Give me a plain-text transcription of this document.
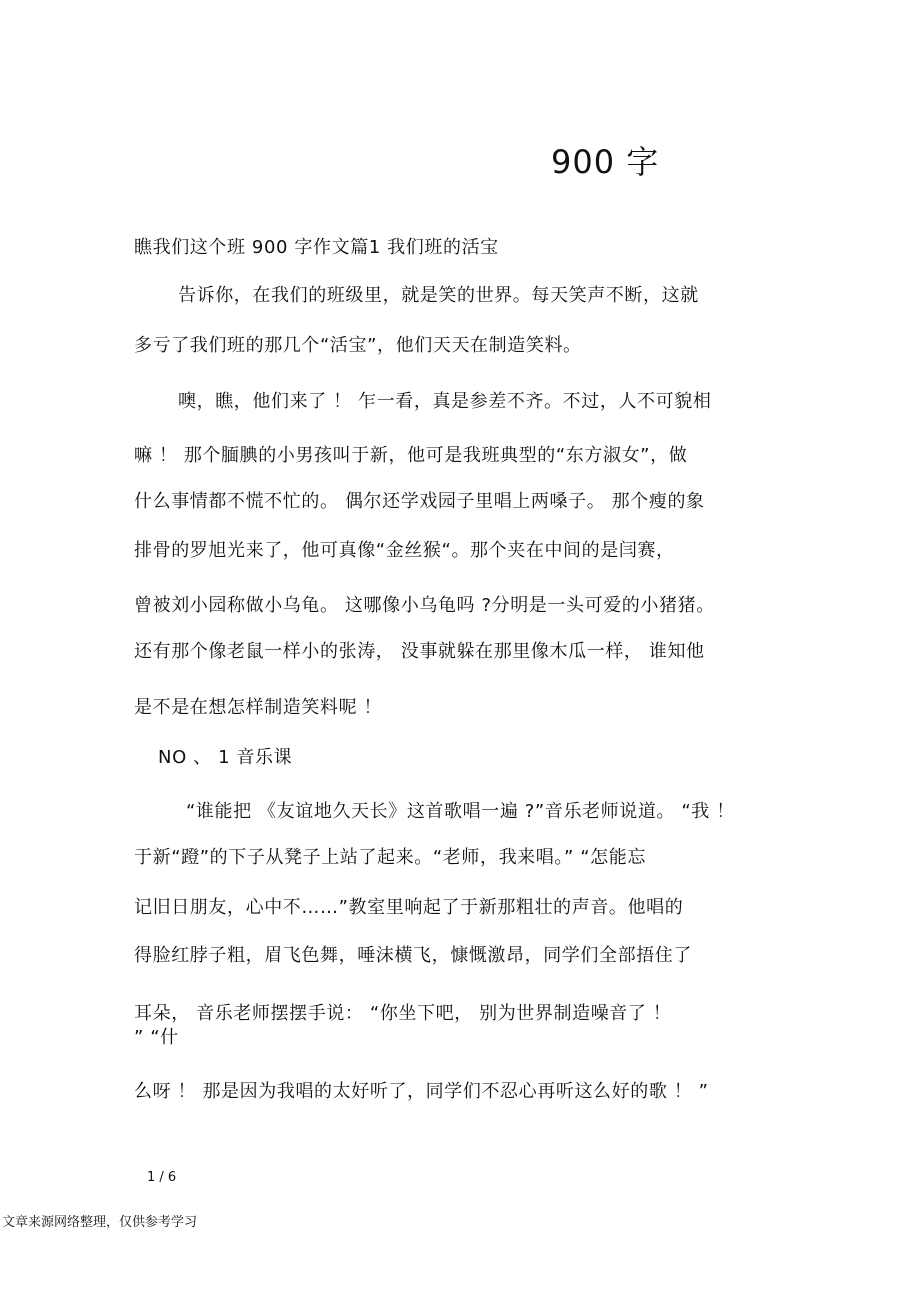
900 字
瞧我们这个班 900 字作文篇1 我们班的活宝
告诉你，在我们的班级里，就是笑的世界。每天笑声不断，这就
多亏了我们班的那几个“活宝”，他们天天在制造笑料。
噢，瞧，他们来了 ！ 乍一看，真是参差不齐。不过，人不可貌相
嘛 ！ 那个腼腆的小男孩叫于新，他可是我班典型的“东方淑女”，做
什么事情都不慌不忙的。 偶尔还学戏园子里唱上两嗓子。 那个瘦的象
排骨的罗旭光来了，他可真像“金丝猴“。那个夹在中间的是闫赛，
曾被刘小园称做小乌龟。 这哪像小乌龟吗 ?分明是一头可爱的小猪猪。
还有那个像老鼠一样小的张涛， 没事就躲在那里像木瓜一样， 谁知他
是不是在想怎样制造笑料呢 ！
NO 、 1 音乐课
“谁能把 《友谊地久天长》这首歌唱一遍 ?”音乐老师说道。 “我 ！
于新“蹬”的下子从凳子上站了起来。“老师，我来唱。” “怎能忘
记旧日朋友，心中不……”教室里响起了于新那粗壮的声音。他唱的
得脸红脖子粗，眉飞色舞，唾沫横飞，慷慨激昂，同学们全部捂住了
耳朵， 音乐老师摆摆手说： “你坐下吧， 别为世界制造噪音了 ！
” “什
么呀 ！ 那是因为我唱的太好听了，同学们不忍心再听这么好的歌 ！ ”
1 / 6
文章来源网络整理，仅供参考学习
